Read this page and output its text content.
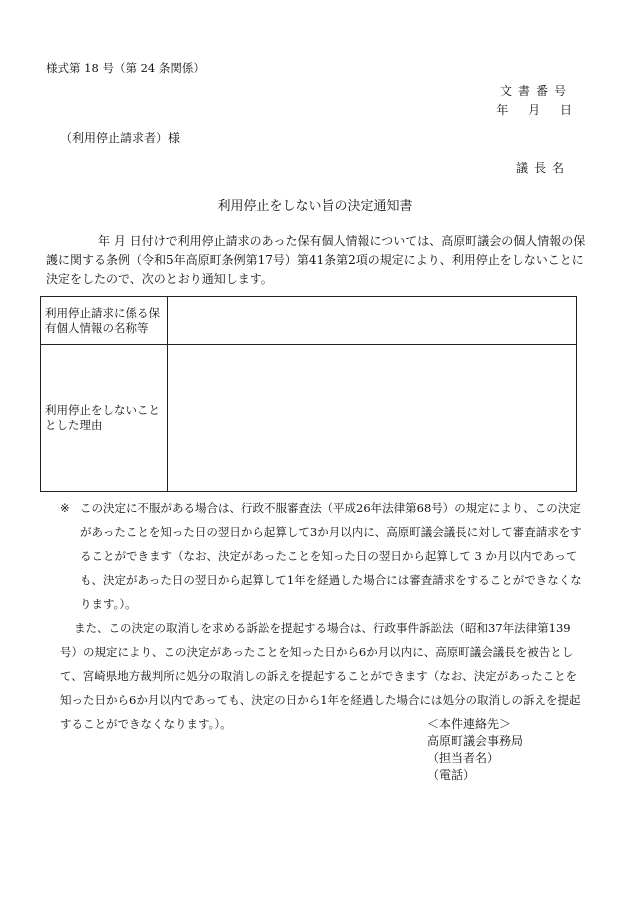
様式第 18 号（第 24 条関係）
文書番号
年 月 日
（利用停止請求者）様
議長名
利用停止をしない旨の決定通知書

年 月 日付けで利用停止請求のあった保有個人情報については、高原町議会の個人情報の保護に関する条例（令和5年高原町条例第17号）第41条第2項の規定により、利用停止をしないことに決定をしたので、次のとおり通知します。

利用停止請求に係る保有個人情報の名称等	
利用停止をしないこととした理由	

※ この決定に不服がある場合は、行政不服審査法（平成26年法律第68号）の規定により、この決定があったことを知った日の翌日から起算して3か月以内に、高原町議会議長に対して審査請求をすることができます（なお、決定があったことを知った日の翌日から起算して 3 か月以内であっても、決定があった日の翌日から起算して1年を経過した場合には審査請求をすることができなくなります。）。

また、この決定の取消しを求める訴訟を提起する場合は、行政事件訴訟法（昭和37年法律第139号）の規定により、この決定があったことを知った日から6か月以内に、高原町議会議長を被告として、宮崎県地方裁判所に処分の取消しの訴えを提起することができます（なお、決定があったことを知った日から6か月以内であっても、決定の日から1年を経過した場合には処分の取消しの訴えを提起することができなくなります。）。	＜本件連絡先＞
高原町議会事務局
（担当者名）
（電話）
